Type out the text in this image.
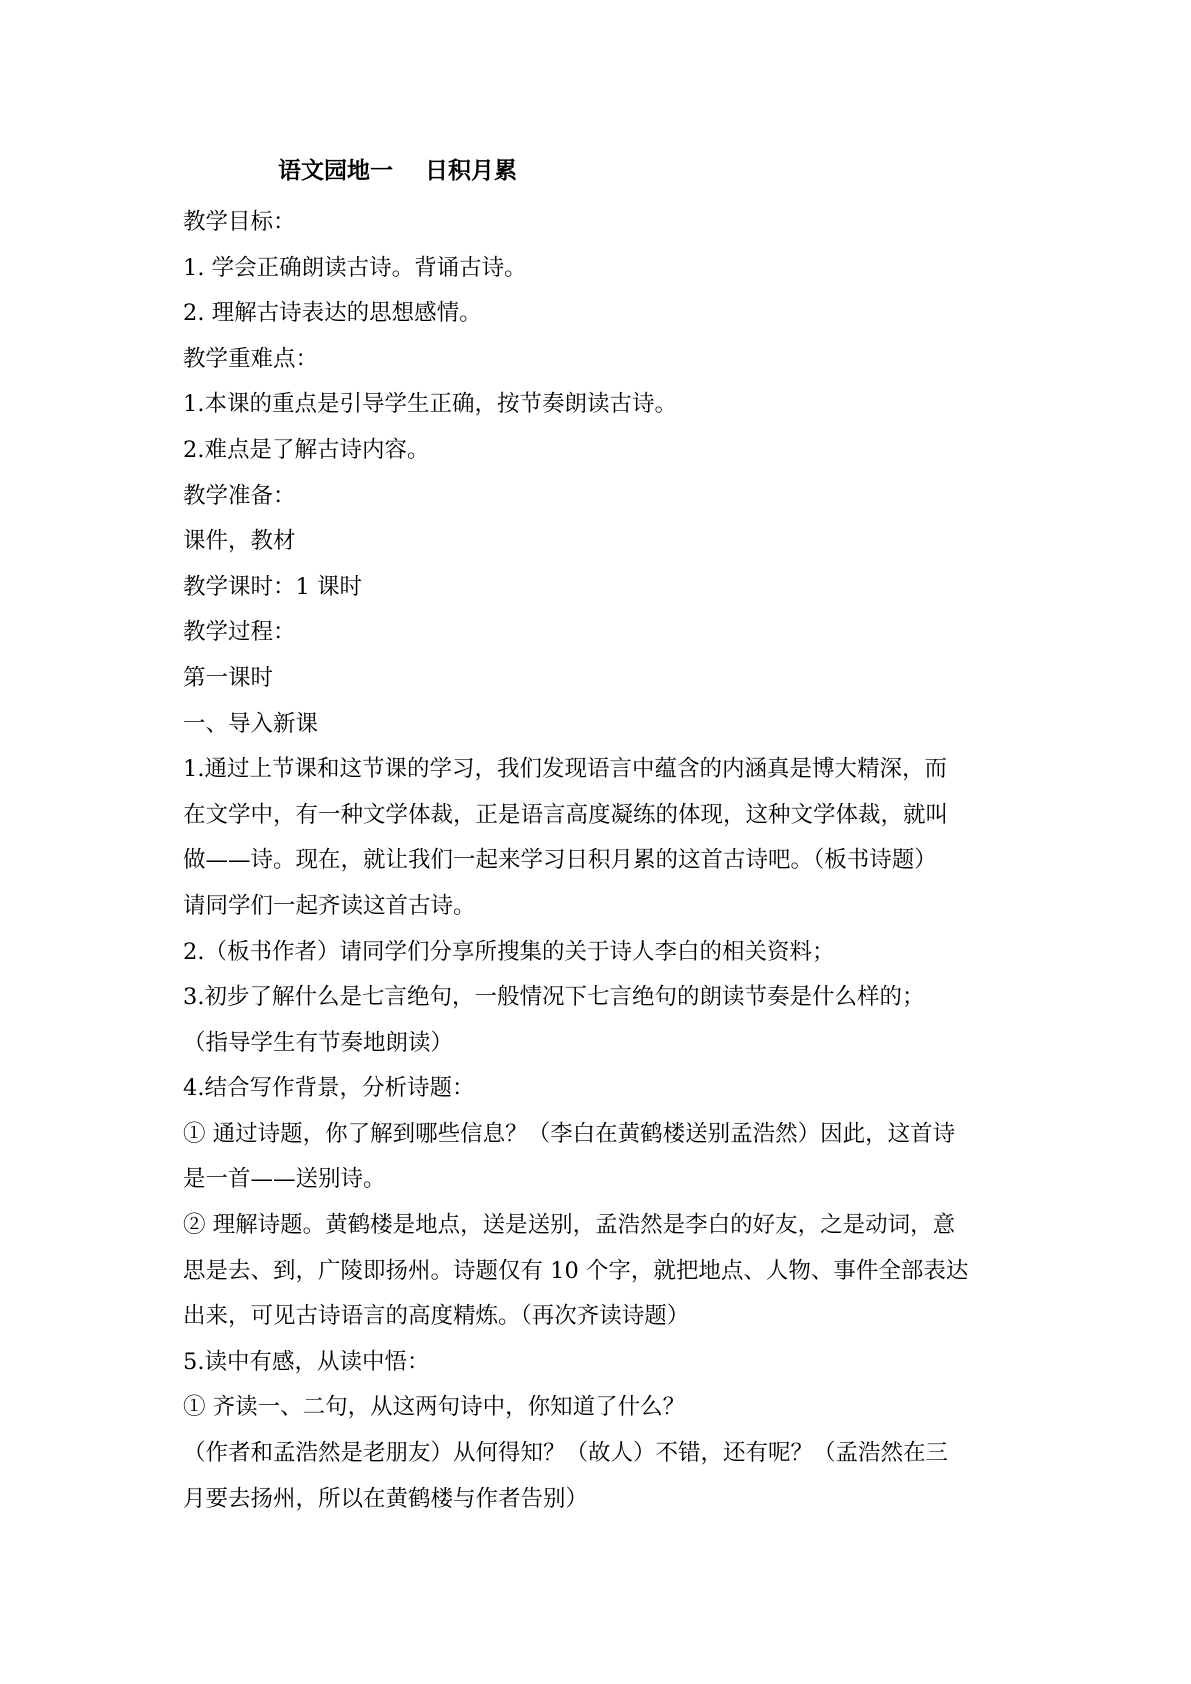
语文园地一    日积月累

教学目标：

1. 学会正确朗读古诗。背诵古诗。

2. 理解古诗表达的思想感情。

教学重难点：

1.本课的重点是引导学生正确，按节奏朗读古诗。

2.难点是了解古诗内容。

教学准备：

课件，教材

教学课时：1 课时

教学过程：

第一课时

一、导入新课

1.通过上节课和这节课的学习，我们发现语言中蕴含的内涵真是博大精深，而

在文学中，有一种文学体裁，正是语言高度凝练的体现，这种文学体裁，就叫

做——诗。现在，就让我们一起来学习日积月累的这首古诗吧。（板书诗题）

请同学们一起齐读这首古诗。

2.（板书作者）请同学们分享所搜集的关于诗人李白的相关资料；

3.初步了解什么是七言绝句，一般情况下七言绝句的朗读节奏是什么样的；

（指导学生有节奏地朗读）

4.结合写作背景，分析诗题：

① 通过诗题，你了解到哪些信息？（李白在黄鹤楼送别孟浩然）因此，这首诗

是一首——送别诗。

② 理解诗题。黄鹤楼是地点，送是送别，孟浩然是李白的好友，之是动词，意

思是去、到，广陵即扬州。诗题仅有 10 个字，就把地点、人物、事件全部表达

出来，可见古诗语言的高度精炼。（再次齐读诗题）

5.读中有感，从读中悟：

① 齐读一、二句，从这两句诗中，你知道了什么？

（作者和孟浩然是老朋友）从何得知？（故人）不错，还有呢？（孟浩然在三

月要去扬州，所以在黄鹤楼与作者告别）
